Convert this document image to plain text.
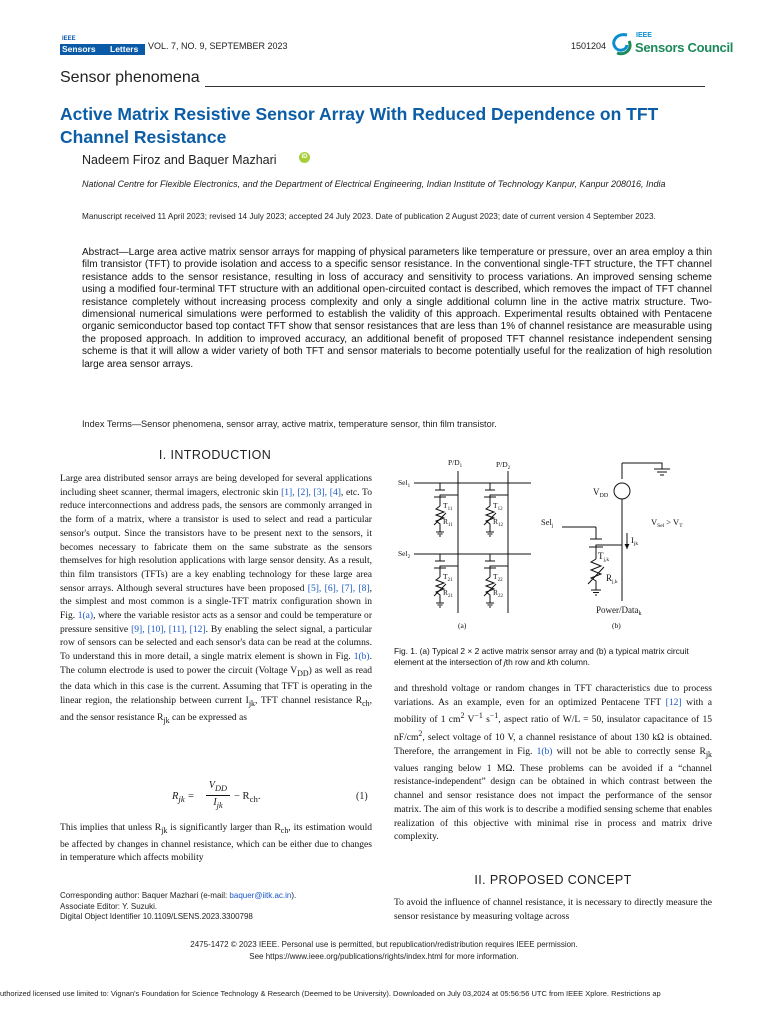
IEEE
Sensors	Letters	VOL. 7, NO. 9, SEPTEMBER 2023	1501204
IEEE
Sensors Council
Sensor phenomena
Active Matrix Resistive Sensor Array With Reduced Dependence on TFT Channel Resistance
Nadeem Firoz and Baquer Mazhari	iD
National Centre for Flexible Electronics, and the Department of Electrical Engineering, Indian Institute of Technology Kanpur, Kanpur 208016, India
Manuscript received 11 April 2023; revised 14 July 2023; accepted 24 July 2023. Date of publication 2 August 2023; date of current version 4 September 2023.
Abstract—Large area active matrix sensor arrays for mapping of physical parameters like temperature or pressure, over an area employ a thin film transistor (TFT) to provide isolation and access to a specific sensor resistance. In the conventional single-TFT structure, the TFT channel resistance adds to the sensor resistance, resulting in loss of accuracy and sensitivity to process variations. An improved sensing scheme using a modified four-terminal TFT structure with an additional open-circuited contact is described, which removes the impact of TFT channel resistance completely without increasing process complexity and only a single additional column line in the active matrix structure. Two-dimensional numerical simulations were performed to establish the validity of this approach. Experimental results obtained with Pentacene organic semiconductor based top contact TFT show that sensor resistances that are less than 1% of channel resistance are measurable using the proposed approach. In addition to improved accuracy, an additional benefit of proposed TFT channel resistance independent sensing scheme is that it will allow a wider variety of both TFT and sensor materials to become potentially useful for the realization of high resolution large area sensor arrays.
Index Terms—Sensor phenomena, sensor array, active matrix, temperature sensor, thin film transistor.
I. INTRODUCTION
Large area distributed sensor arrays are being developed for several applications including sheet scanner, thermal imagers, electronic skin [1], [2], [3], [4], etc. To reduce interconnections and address pads, the sensors are commonly arranged in the form of a matrix, where a transistor is used to select and read a particular sensor's output. Since the transistors have to be present next to the sensors, it becomes necessary to fabricate them on the same substrate as the sensors themselves for high resolution applications with large sensor density. As a result, thin film transistors (TFTs) are a key enabling technology for these large area sensor arrays. Although several structures have been proposed [5], [6], [7], [8], the simplest and most common is a single-TFT matrix configuration shown in Fig. 1(a), where the variable resistor acts as a sensor and could be temperature or pressure sensitive [9], [10], [11], [12]. By enabling the select signal, a particular row of sensors can be selected and each sensor's data can be read at the columns. To understand this in more detail, a single matrix element is shown in Fig. 1(b). The column electrode is used to power the circuit (Voltage $V_{DD}$) as well as read the data which in this case is the current. Assuming that TFT is operating in the linear region, the relationship between current $I_{jk}$, TFT channel resistance $R_{ch}$, and the sensor resistance $R_{jk}$ can be expressed as
$R_{jk}$ =
$V_{DD}$
$I_{jk}$
− $R_{ch}$.	(1)
This implies that unless $R_{jk}$ is significantly larger than $R_{ch}$, its estimation would be affected by changes in channel resistance, which can be either due to changes in temperature which affects mobility
Corresponding author: Baquer Mazhari (e-mail: baquer@iitk.ac.in).
Associate Editor: Y. Suzuki.
Digital Object Identifier 10.1109/LSENS.2023.3300798
$P/D_1$	$P/D_2$
Sel$_1$
Sel$_2$
$T_{11}$	$T_{12}$
$T_{21}$	$T_{22}$
$R_{11}$	$R_{12}$
$R_{21}$	$R_{22}$
(a)
$V_{DD}$
Sel$_j$	$V_{Sel} > V_T$
$I_{jk}$
$T_{j,k}$
$R_{j,k}$
Power/Data$_k$
(b)
Fig. 1. (a) Typical 2 × 2 active matrix sensor array and (b) a typical matrix circuit element at the intersection of jth row and kth column.
and threshold voltage or random changes in TFT characteristics due to process variations. As an example, even for an optimized Pentacene TFT [12] with a mobility of 1 $cm^2$ $V^{-1}$ $s^{-1}$, aspect ratio of W/L = 50, insulator capacitance of 15 $nF/cm^2$, select voltage of 10 V, a channel resistance of about 130 kΩ is obtained. Therefore, the arrangement in Fig. 1(b) will not be able to correctly sense $R_{jk}$ values ranging below 1 MΩ. These problems can be avoided if a “channel resistance-independent” design can be obtained in which contrast between the channel and sensor resistance does not impact the performance of the sensor matrix. The aim of this work is to describe a modified sensing scheme that enables realization of this objective with minimal rise in process and matrix drive complexity.
II. PROPOSED CONCEPT
To avoid the influence of channel resistance, it is necessary to directly measure the sensor resistance by measuring voltage across
2475-1472 © 2023 IEEE. Personal use is permitted, but republication/redistribution requires IEEE permission.
See https://www.ieee.org/publications/rights/index.html for more information.
uthorized licensed use limited to: Vignan's Foundation for Science Technology & Research (Deemed to be University). Downloaded on July 03,2024 at 05:56:56 UTC from IEEE Xplore. Restrictions ap
